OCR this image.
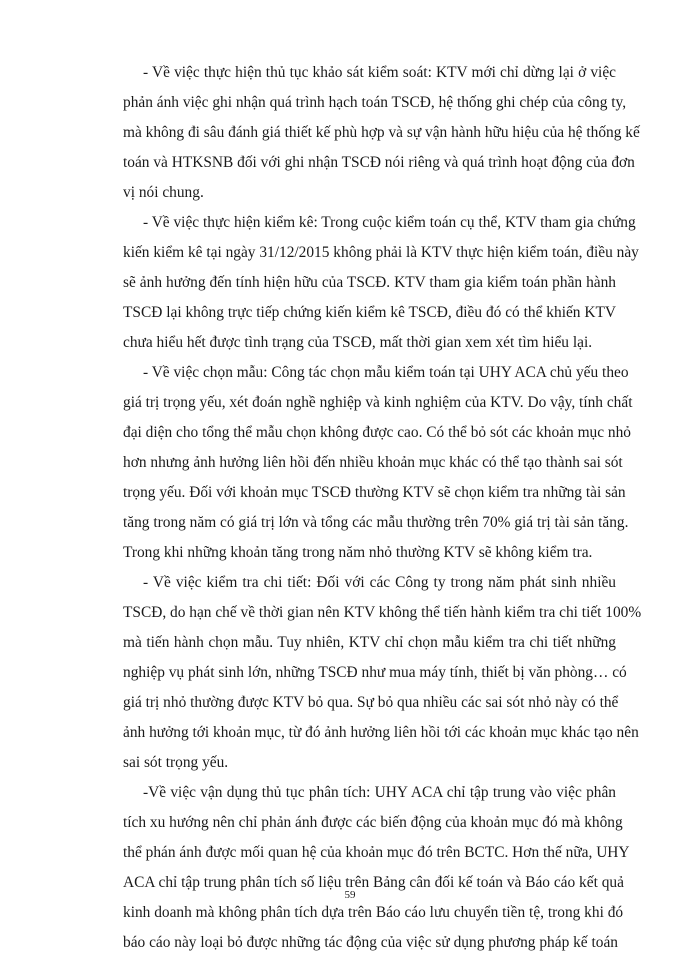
- Về việc thực hiện thủ tục khảo sát kiểm soát: KTV mới chỉ dừng lại ở việc
phản ánh việc ghi nhận quá trình hạch toán TSCĐ, hệ thống ghi chép của công ty,
mà không đi sâu đánh giá thiết kế phù hợp và sự vận hành hữu hiệu của hệ thống kế
toán và HTKSNB đối với ghi nhận TSCĐ nói riêng và quá trình hoạt động của đơn
vị nói chung.
- Về việc thực hiện kiểm kê: Trong cuộc kiểm toán cụ thể, KTV tham gia chứng
kiến kiểm kê tại ngày 31/12/2015 không phải là KTV thực hiện kiểm toán, điều này
sẽ ảnh hưởng đến tính hiện hữu của TSCĐ. KTV tham gia kiểm toán phần hành
TSCĐ lại không trực tiếp chứng kiến kiểm kê TSCĐ, điều đó có thể khiến KTV
chưa hiểu hết được tình trạng của TSCĐ, mất thời gian xem xét tìm hiểu lại.
- Về việc chọn mẫu: Công tác chọn mẫu kiểm toán tại UHY ACA chủ yếu theo
giá trị trọng yếu, xét đoán nghề nghiệp và kinh nghiệm của KTV. Do vậy, tính chất
đại diện cho tổng thể mẫu chọn không được cao. Có thể bỏ sót các khoản mục nhỏ
hơn nhưng ảnh hưởng liên hồi đến nhiều khoản mục khác có thể tạo thành sai sót
trọng yếu. Đối với khoản mục TSCĐ thường KTV sẽ chọn kiểm tra những tài sản
tăng trong năm có giá trị lớn và tổng các mẫu thường trên 70% giá trị tài sản tăng.
Trong khi những khoản tăng trong năm nhỏ thường KTV sẽ không kiểm tra.
- Về việc kiểm tra chi tiết: Đối với các Công ty trong năm phát sinh nhiều
TSCĐ, do hạn chế về thời gian nên KTV không thể tiến hành kiểm tra chi tiết 100%
mà tiến hành chọn mẫu. Tuy nhiên, KTV chỉ chọn mẫu kiểm tra chi tiết những
nghiệp vụ phát sinh lớn, những TSCĐ như mua máy tính, thiết bị văn phòng… có
giá trị nhỏ thường được KTV bỏ qua. Sự bỏ qua nhiều các sai sót nhỏ này có thể
ảnh hưởng tới khoản mục, từ đó ảnh hưởng liên hồi tới các khoản mục khác tạo nên
sai sót trọng yếu.
-Về việc vận dụng thủ tục phân tích: UHY ACA chỉ tập trung vào việc phân
tích xu hướng nên chỉ phản ánh được các biến động của khoản mục đó mà không
thể phán ánh được mối quan hệ của khoản mục đó trên BCTC. Hơn thế nữa, UHY
ACA chỉ tập trung phân tích số liệu trên Bảng cân đối kế toán và Báo cáo kết quả
kinh doanh mà không phân tích dựa trên Báo cáo lưu chuyển tiền tệ, trong khi đó
báo cáo này loại bỏ được những tác động của việc sử dụng phương pháp kế toán
59
